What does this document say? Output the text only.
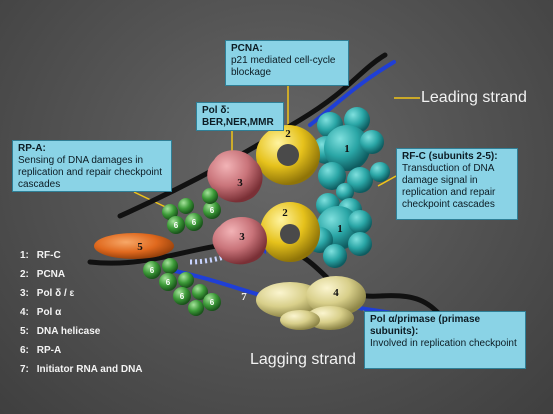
1
1
2
2
3
3
5
4
7
6 6
6
6
6
6
6
Leading strand
Lagging strand
PCNA:
p21 mediated cell-cycle blockage
Pol δ:
BER,NER,MMR
RP-A:
Sensing of DNA damages in replication and repair checkpoint cascades
RF-C (subunits 2-5):
Transduction of DNA damage signal in replication and repair checkpoint cascades
Pol α/primase (primase subunits):
Involved in replication checkpoint
1: RF-C
2: PCNA
3: Pol δ / ε
4: Pol α
5: DNA helicase
6: RP-A
7: Initiator RNA and DNA
